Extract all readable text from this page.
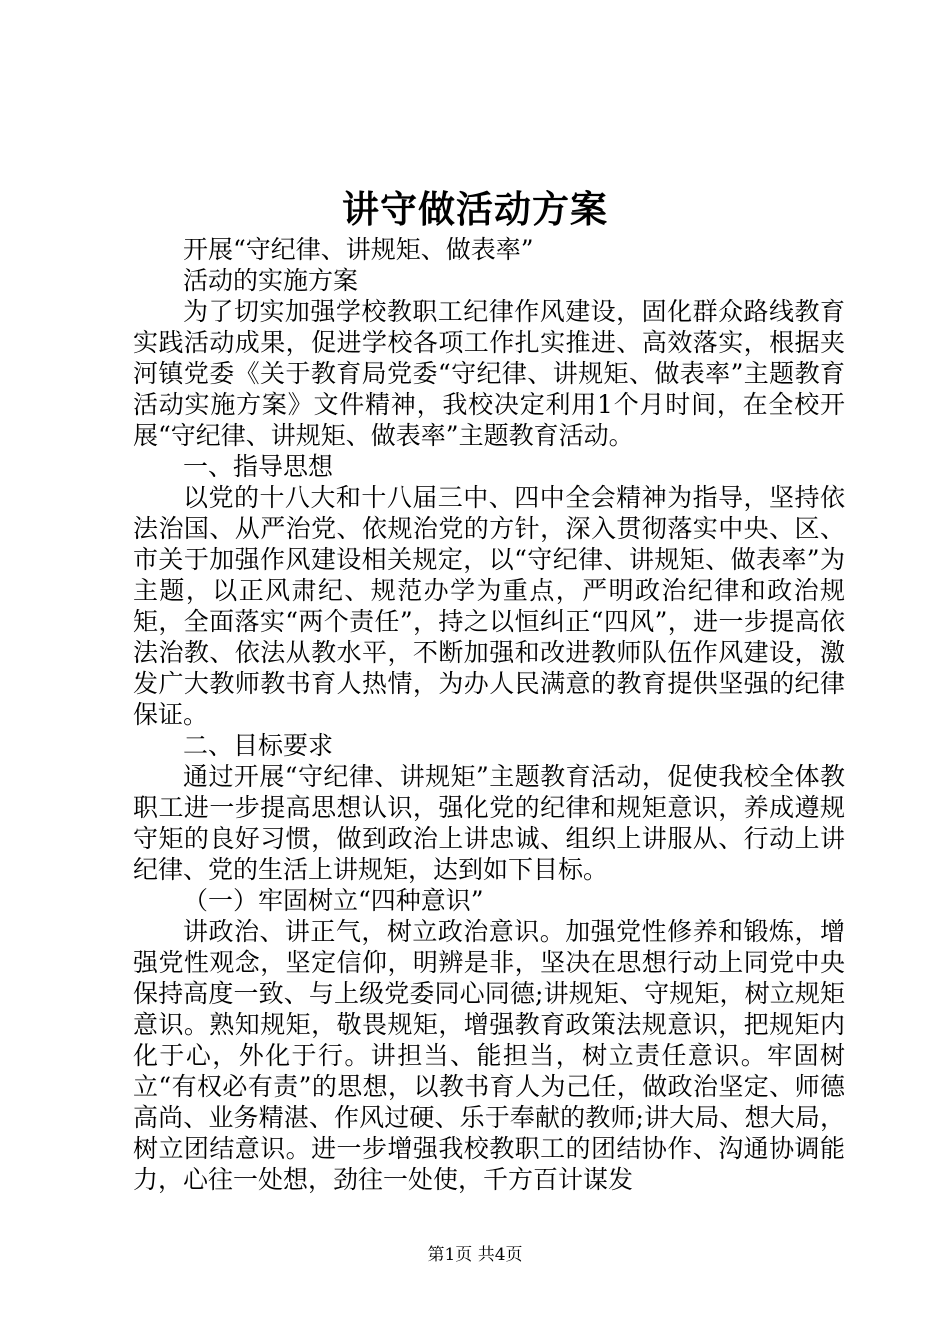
讲守做活动方案

开展“守纪律、讲规矩、做表率”

活动的实施方案

为了切实加强学校教职工纪律作风建设，固化群众路线教育实践活动成果，促进学校各项工作扎实推进、高效落实，根据夹河镇党委《关于教育局党委“守纪律、讲规矩、做表率”主题教育活动实施方案》文件精神，我校决定利用1个月时间，在全校开展“守纪律、讲规矩、做表率”主题教育活动。

一、指导思想

以党的十八大和十八届三中、四中全会精神为指导，坚持依法治国、从严治党、依规治党的方针，深入贯彻落实中央、区、市关于加强作风建设相关规定，以“守纪律、讲规矩、做表率”为主题，以正风肃纪、规范办学为重点，严明政治纪律和政治规矩，全面落实“两个责任”，持之以恒纠正“四风”，进一步提高依法治教、依法从教水平，不断加强和改进教师队伍作风建设，激发广大教师教书育人热情，为办人民满意的教育提供坚强的纪律保证。

二、目标要求

通过开展“守纪律、讲规矩”主题教育活动，促使我校全体教职工进一步提高思想认识，强化党的纪律和规矩意识，养成遵规守矩的良好习惯，做到政治上讲忠诚、组织上讲服从、行动上讲纪律、党的生活上讲规矩，达到如下目标。

（一）牢固树立“四种意识”

讲政治、讲正气，树立政治意识。加强党性修养和锻炼，增强党性观念，坚定信仰，明辨是非，坚决在思想行动上同党中央保持高度一致、与上级党委同心同德;讲规矩、守规矩，树立规矩意识。熟知规矩，敬畏规矩，增强教育政策法规意识，把规矩内化于心，外化于行。讲担当、能担当，树立责任意识。牢固树立“有权必有责”的思想，以教书育人为己任，做政治坚定、师德高尚、业务精湛、作风过硬、乐于奉献的教师;讲大局、想大局，树立团结意识。进一步增强我校教职工的团结协作、沟通协调能力，心往一处想，劲往一处使，千方百计谋发

第1页 共4页
